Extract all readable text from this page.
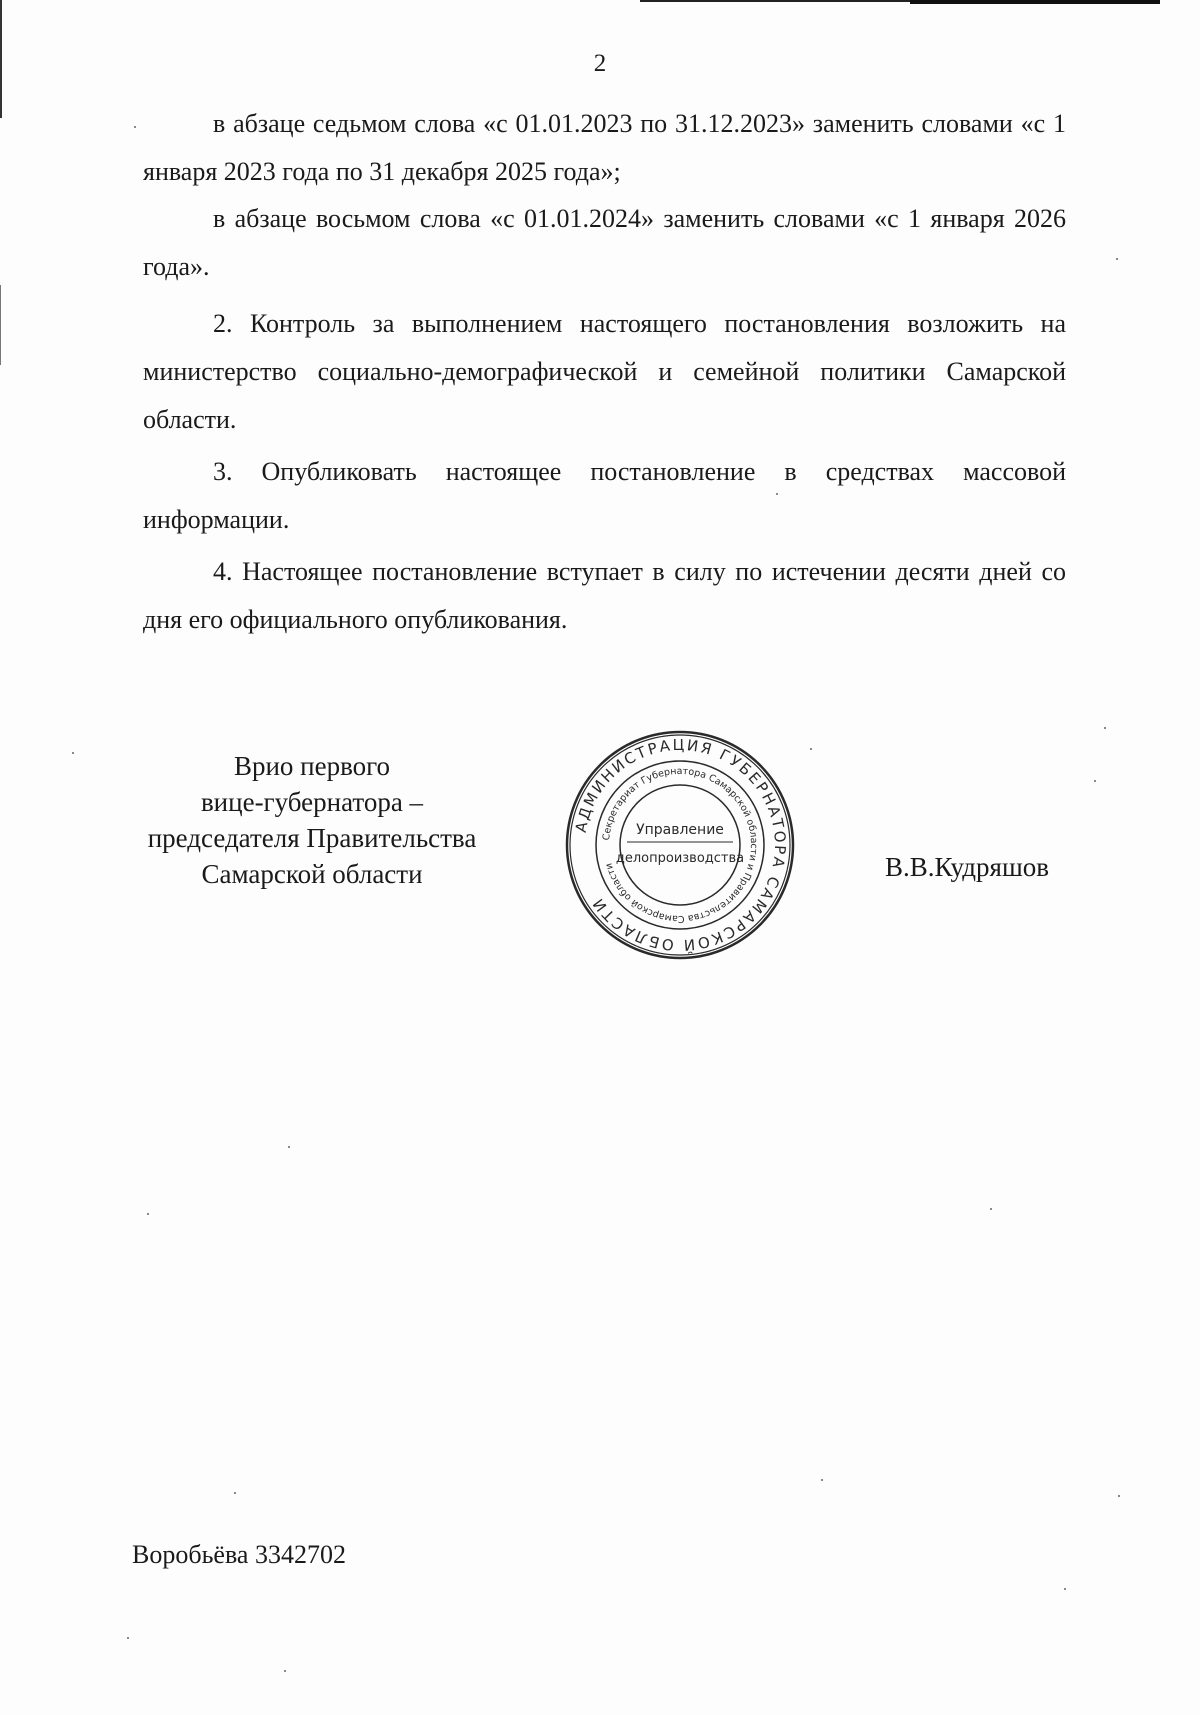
2

в абзаце седьмом слова «с 01.01.2023 по 31.12.2023» заменить словами «с 1 января 2023 года по 31 декабря 2025 года»;

в абзаце восьмом слова «с 01.01.2024» заменить словами «с 1 января 2026 года».

2. Контроль за выполнением настоящего постановления возложить на министерство социально-демографической и семейной политики Самарской области.

3. Опубликовать настоящее постановление в средствах массовой информации.

4. Настоящее постановление вступает в силу по истечении десяти дней со дня его официального опубликования.

Врио первого
вице-губернатора –
председателя Правительства
Самарской области
АДМИНИСТРАЦИЯ ГУБЕРНАТОРА САМАРСКОЙ ОБЛАСТИ
Секретариат Губернатора Самарской области и Правительства Самарской области
Управление
делопроизводства	В.В.Кудряшов
Воробьёва 3342702
